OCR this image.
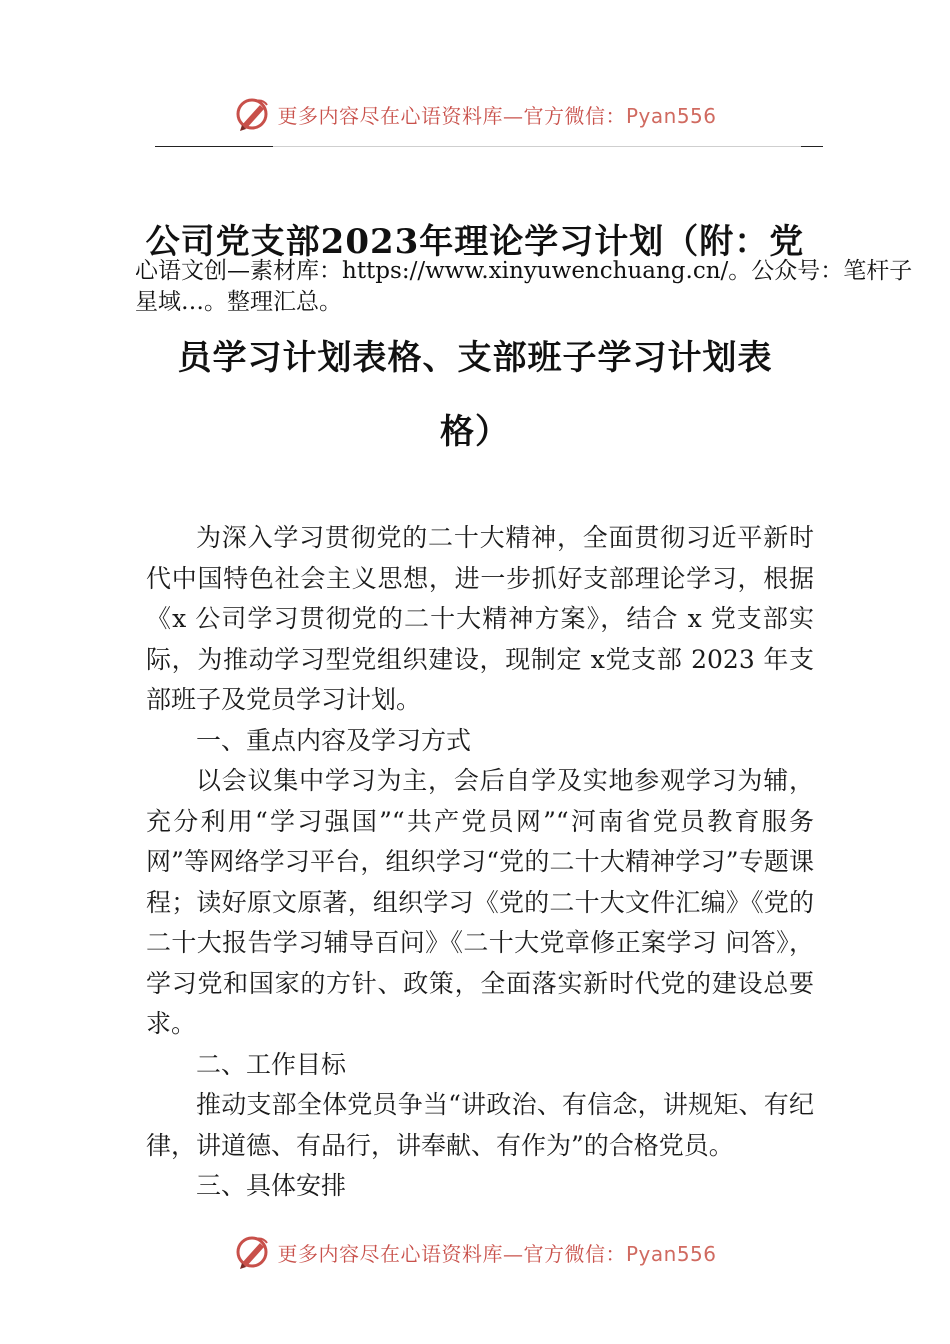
更多内容尽在心语资料库—官方微信：Pyan556
公司党支部2023年理论学习计划（附：党
心语文创—素材库：https://www.xinyuwenchuang.cn/。公众号：笔杆子星域…。整理汇总。
员学习计划表格、支部班子学习计划表
格）

为深入学习贯彻党的二十大精神，全面贯彻习近平新时代中国特色社会主义思想，进一步抓好支部理论学习，根据《x 公司学习贯彻党的二十大精神方案》，结合 x 党支部实际，为推动学习型党组织建设，现制定 x党支部 2023 年支部班子及党员学习计划。

一、重点内容及学习方式

以会议集中学习为主，会后自学及实地参观学习为辅，充分利用“学习强国”“共产党员网”“河南省党员教育服务网”等网络学习平台，组织学习“党的二十大精神学习”专题课程；读好原文原著，组织学习《党的二十大文件汇编》《党的二十大报告学习辅导百问》《二十大党章修正案学习 问答》，学习党和国家的方针、政策，全面落实新时代党的建设总要求。

二、工作目标

推动支部全体党员争当“讲政治、有信念，讲规矩、有纪律，讲道德、有品行，讲奉献、有作为”的合格党员。

三、具体安排

更多内容尽在心语资料库—官方微信：Pyan556
